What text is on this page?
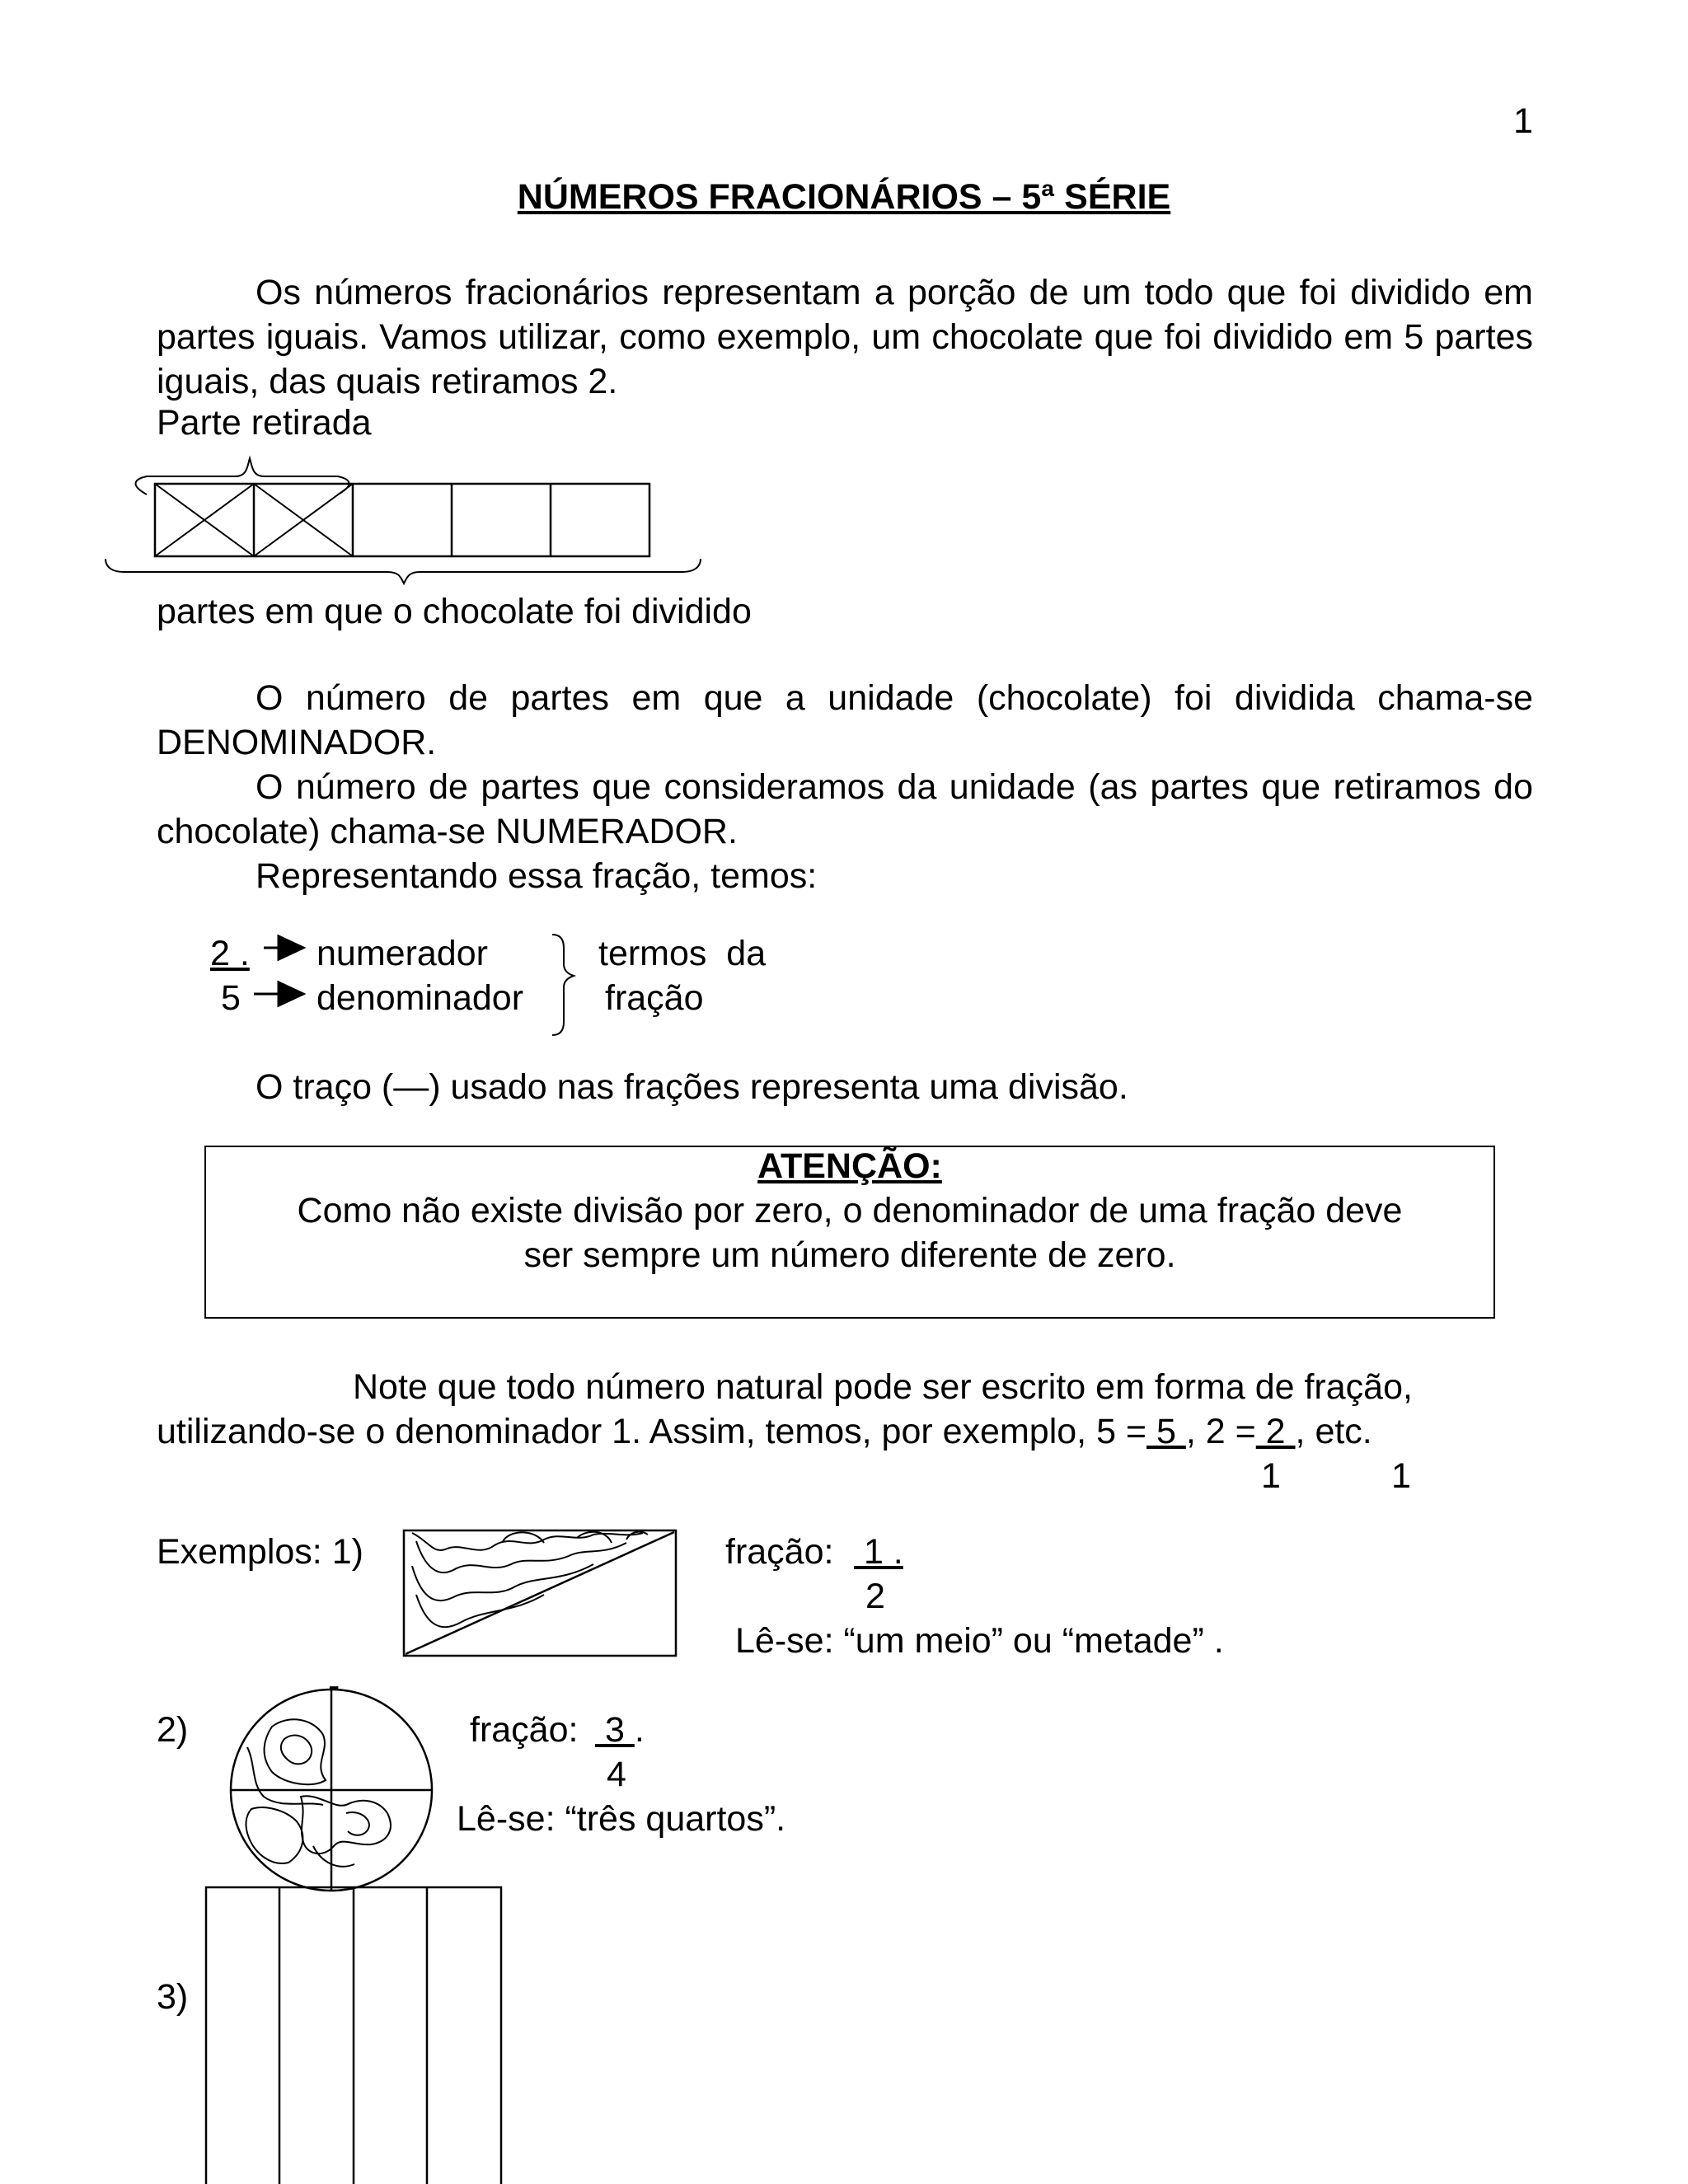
1
NÚMEROS FRACIONÁRIOS – 5ª SÉRIE
Os números fracionários representam a porção de um todo que foi dividido em partes iguais. Vamos utilizar, como exemplo, um chocolate que foi dividido em 5 partes iguais, das quais retiramos 2.
Parte retirada
partes em que o chocolate foi dividido
O número de partes em que a unidade (chocolate) foi dividida chama-se DENOMINADOR.
O número de partes que consideramos da unidade (as partes que retiramos do chocolate) chama-se NUMERADOR.
Representando essa fração, temos:
2 .
5
numerador
denominador
termos  da
fração
O traço (—) usado nas frações representa uma divisão.
ATENÇÃO:
Como não existe divisão por zero, o denominador de uma fração deve
ser sempre um número diferente de zero.
Note que todo número natural pode ser escrito em forma de fração,
utilizando-se o denominador 1. Assim, temos, por exemplo, 5 = 5 , 2 = 2 , etc.
1	1
Exemplos: 1)	fração: 1 .
2
Lê-se: “um meio” ou “metade” .
2)
-
fração: 3 .
4
Lê-se: “três quartos”.
3)
